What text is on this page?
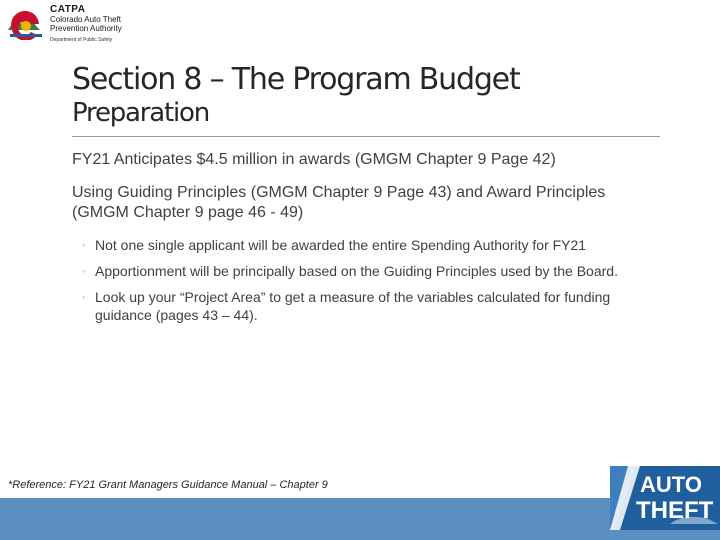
CATPA
Colorado Auto Theft
Prevention Authority
Department of Public Safety
Section 8 – The Program Budget
Preparation

FY21 Anticipates $4.5 million in awards (GMGM Chapter 9 Page 42)

Using Guiding Principles (GMGM Chapter 9 Page 43) and Award Principles (GMGM Chapter 9 page 46 - 49)

◦ Not one single applicant will be awarded the entire Spending Authority for FY21
◦ Apportionment will be principally based on the Guiding Principles used by the Board.
◦ Look up your “Project Area” to get a measure of the variables calculated for funding guidance (pages 43 – 44).
*Reference: FY21 Grant Managers Guidance Manual – Chapter 9	AUTO
THEFT
